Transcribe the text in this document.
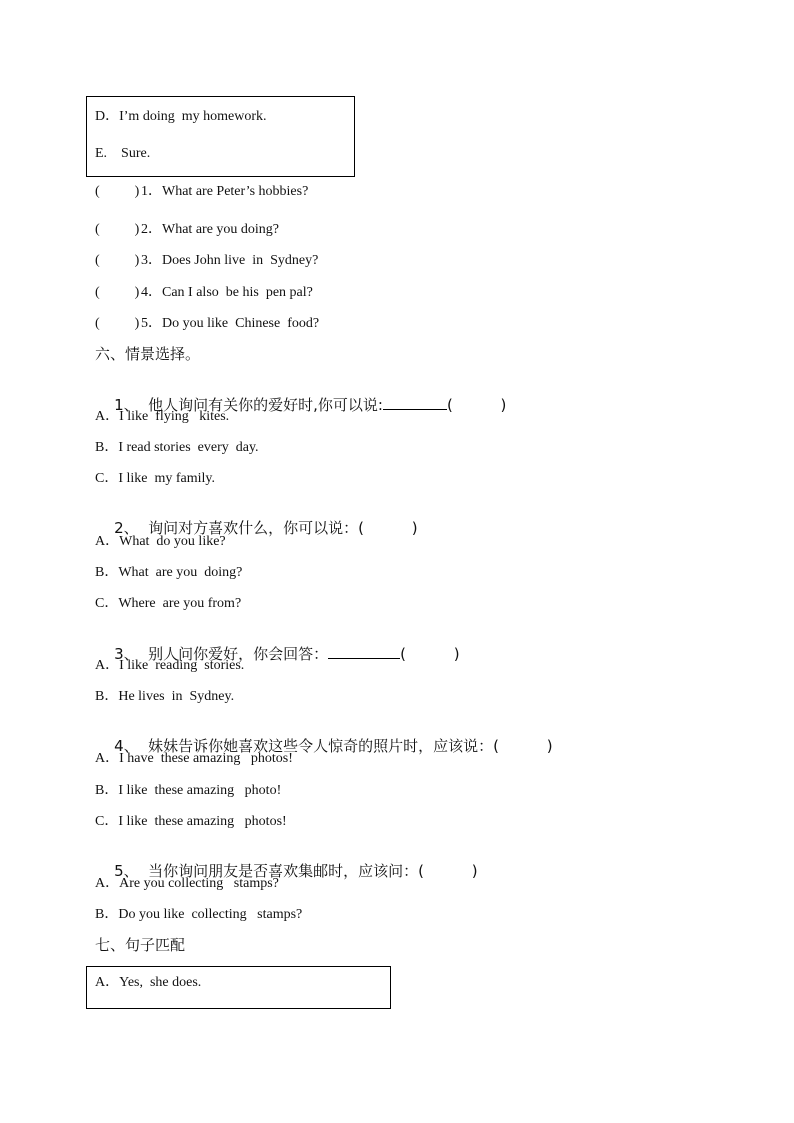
D．I’m doing  my homework.
E.    Sure.
(          ) 1．What are Peter’s hobbies?
(          ) 2．What are you doing?
(          ) 3．Does John live  in  Sydney?
(          ) 4．Can I also  be his  pen pal?
(          ) 5．Do you like  Chinese  food?
六、情景选择。

1、  他人询问有关你的爱好时,你可以说:	(          )

A．I like  flying   kites.
B．I read stories  every  day.
C．I like  my family.

2、  询问对方喜欢什么，你可以说：(          )

A．What  do you like?
B．What  are you  doing?
C．Where  are you from?

3、  别人问你爱好，你会回答：	(          )

A．I like  reading  stories.
B．He lives  in  Sydney.

4、  妹妹告诉你她喜欢这些令人惊奇的照片时，应该说：(          )

A．I have  these amazing   photos!
B．I like  these amazing   photo!
C．I like  these amazing   photos!

5、  当你询问朋友是否喜欢集邮时，应该问：(          )

A．Are you collecting   stamps?
B．Do you like  collecting   stamps?
七、句子匹配
A．Yes,  she does.
